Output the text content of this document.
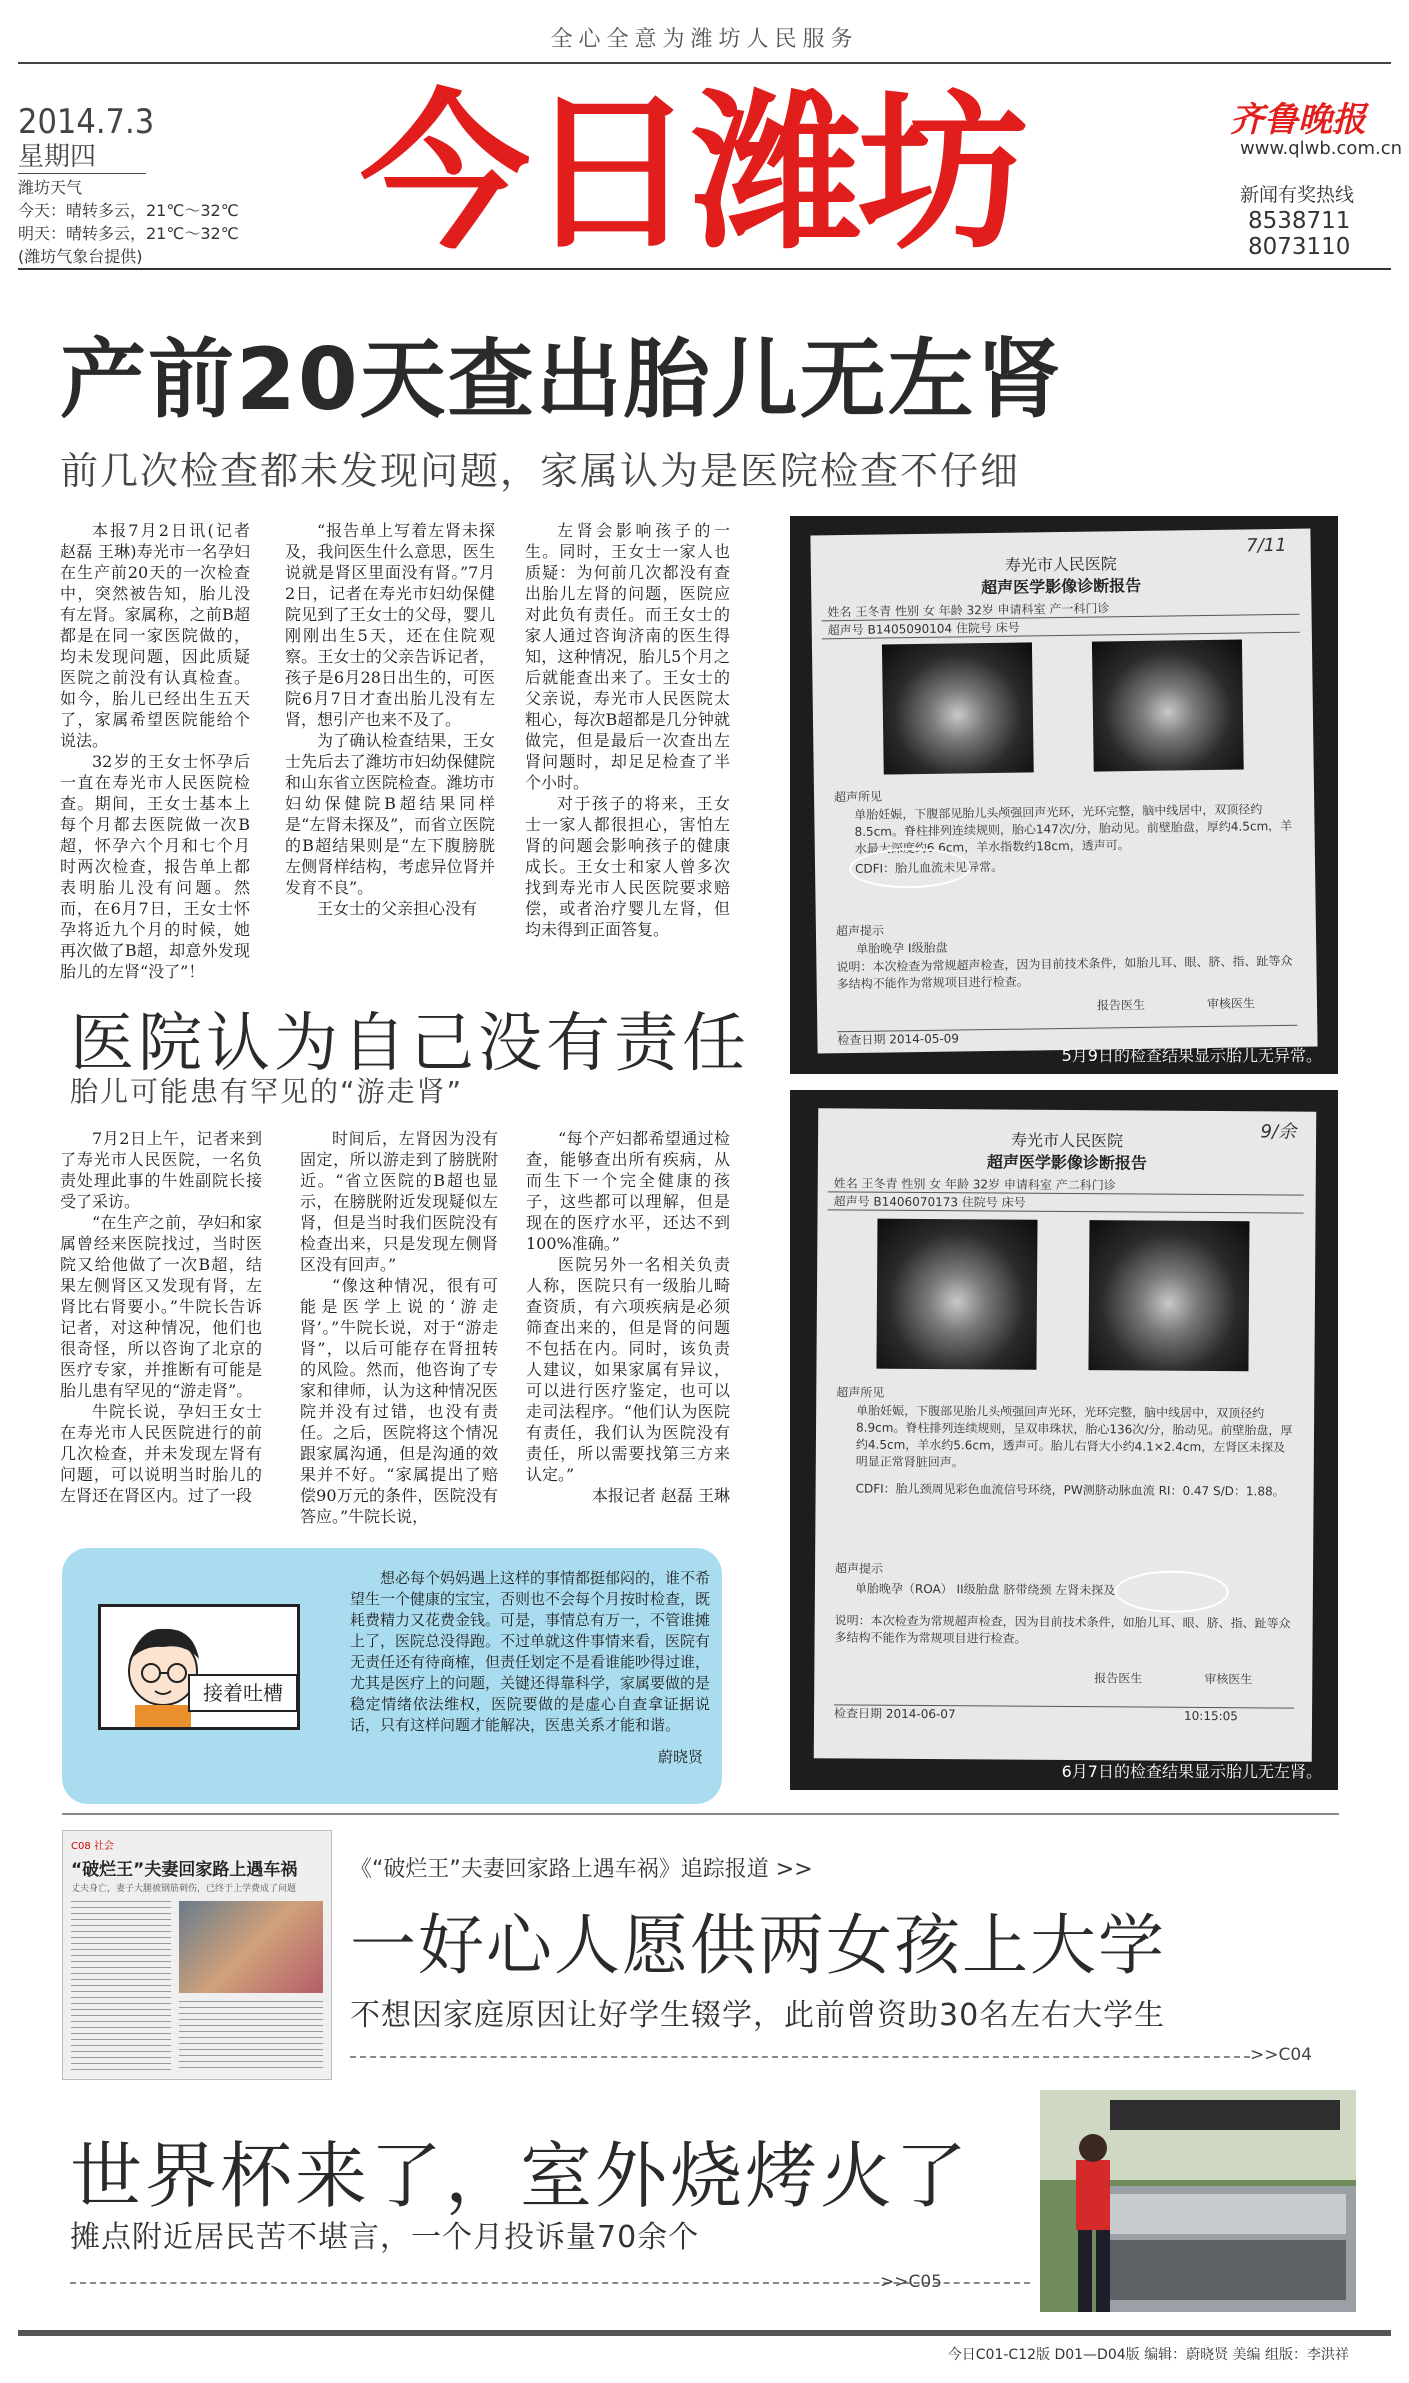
全心全意为潍坊人民服务
2014.7.3
星期四
潍坊天气
今天：晴转多云，21℃～32℃
明天：晴转多云，21℃～32℃
(潍坊气象台提供)	今日潍坊	齐鲁晚报
www.qlwb.com.cn
新闻有奖热线
8538711
8073110
产前20天查出胎儿无左肾
前几次检查都未发现问题，家属认为是医院检查不仔细

本报7月2日讯(记者 赵磊 王琳)寿光市一名孕妇在生产前20天的一次检查中，突然被告知，胎儿没有左肾。家属称，之前B超都是在同一家医院做的，均未发现问题，因此质疑医院之前没有认真检查。如今，胎儿已经出生五天了，家属希望医院能给个说法。

32岁的王女士怀孕后一直在寿光市人民医院检查。期间，王女士基本上每个月都去医院做一次B超，怀孕六个月和七个月时两次检查，报告单上都表明胎儿没有问题。然而，在6月7日，王女士怀孕将近九个月的时候，她再次做了B超，却意外发现胎儿的左肾“没了”！

“报告单上写着左肾未探及，我问医生什么意思，医生说就是肾区里面没有肾。”7月2日，记者在寿光市妇幼保健院见到了王女士的父母，婴儿刚刚出生5天，还在住院观察。王女士的父亲告诉记者，孩子是6月28日出生的，可医院6月7日才查出胎儿没有左肾，想引产也来不及了。

为了确认检查结果，王女士先后去了潍坊市妇幼保健院和山东省立医院检查。潍坊市妇幼保健院B超结果同样是“左肾未探及”，而省立医院的B超结果则是“左下腹膀胱左侧肾样结构，考虑异位肾并发育不良”。

王女士的父亲担心没有

左肾会影响孩子的一生。同时，王女士一家人也质疑：为何前几次都没有查出胎儿左肾的问题，医院应对此负有责任。而王女士的家人通过咨询济南的医生得知，这种情况，胎儿5个月之后就能查出来了。王女士的父亲说，寿光市人民医院太粗心，每次B超都是几分钟就做完，但是最后一次查出左肾问题时，却足足检查了半个小时。

对于孩子的将来，王女士一家人都很担心，害怕左肾的问题会影响孩子的健康成长。王女士和家人曾多次找到寿光市人民医院要求赔偿，或者治疗婴儿左肾，但均未得到正面答复。

7/11
寿光市人民医院
超声医学影像诊断报告
姓名 王冬青 性别 女 年龄 32岁 申请科室 产一科门诊
超声号 B1405090104 住院号 床号
超声所见
单胎妊娠，下腹部见胎儿头颅强回声光环，光环完整，脑中线居中，双顶径约8.5cm。脊柱排列连续规则，胎心147次/分，胎动见。前壁胎盘，厚约4.5cm，羊水最大深度约6.6cm，羊水指数约18cm，透声可。
CDFI：胎儿血流未见异常。
超声提示
单胎晚孕 I级胎盘
说明：本次检查为常规超声检查，因为目前技术条件，如胎儿耳、眼、脐、指、趾等众多结构不能作为常规项目进行检查。
报告医生	审核医生
检查日期 2014-05-09
5月9日的检查结果显示胎儿无异常。
医院认为自己没有责任
胎儿可能患有罕见的“游走肾”

7月2日上午，记者来到了寿光市人民医院，一名负责处理此事的牛姓副院长接受了采访。

“在生产之前，孕妇和家属曾经来医院找过，当时医院又给他做了一次B超，结果左侧肾区又发现有肾，左肾比右肾要小。”牛院长告诉记者，对这种情况，他们也很奇怪，所以咨询了北京的医疗专家，并推断有可能是胎儿患有罕见的“游走肾”。

牛院长说，孕妇王女士在寿光市人民医院进行的前几次检查，并未发现左肾有问题，可以说明当时胎儿的左肾还在肾区内。过了一段

时间后，左肾因为没有固定，所以游走到了膀胱附近。“省立医院的B超也显示，在膀胱附近发现疑似左肾，但是当时我们医院没有检查出来，只是发现左侧肾区没有回声。”

“像这种情况，很有可能是医学上说的‘游走肾’。”牛院长说，对于“游走肾”，以后可能存在肾扭转的风险。然而，他咨询了专家和律师，认为这种情况医院并没有过错，也没有责任。之后，医院将这个情况跟家属沟通，但是沟通的效果并不好。“家属提出了赔偿90万元的条件，医院没有答应。”牛院长说，

“每个产妇都希望通过检查，能够查出所有疾病，从而生下一个完全健康的孩子，这些都可以理解，但是现在的医疗水平，还达不到100%准确。”

医院另外一名相关负责人称，医院只有一级胎儿畸查资质，有六项疾病是必须筛查出来的，但是肾的问题不包括在内。同时，该负责人建议，如果家属有异议，可以进行医疗鉴定，也可以走司法程序。“他们认为医院有责任，我们认为医院没有责任，所以需要找第三方来认定。”

本报记者 赵磊 王琳

9/余
寿光市人民医院
超声医学影像诊断报告
姓名 王冬青 性别 女 年龄 32岁 申请科室 产二科门诊
超声号 B1406070173 住院号 床号
超声所见
单胎妊娠，下腹部见胎儿头颅强回声光环，光环完整，脑中线居中，双顶径约8.9cm。脊柱排列连续规则，呈双串珠状，胎心136次/分，胎动见。前壁胎盘，厚约4.5cm，羊水约5.6cm，透声可。胎儿右肾大小约4.1×2.4cm，左肾区未探及明显正常肾脏回声。
CDFI：胎儿颈周见彩色血流信号环绕，PW测脐动脉血流 RI：0.47 S/D：1.88。
超声提示
单胎晚孕（ROA） II级胎盘 脐带绕颈 左肾未探及
说明：本次检查为常规超声检查，因为目前技术条件，如胎儿耳、眼、脐、指、趾等众多结构不能作为常规项目进行检查。
报告医生	审核医生
检查日期 2014-06-07	10:15:05
6月7日的检查结果显示胎儿无左肾。
接着吐槽
想必每个妈妈遇上这样的事情都挺郁闷的，谁不希望生一个健康的宝宝，否则也不会每个月按时检查，既耗费精力又花费金钱。可是，事情总有万一，不管谁摊上了，医院总没得跑。不过单就这件事情来看，医院有无责任还有待商榷，但责任划定不是看谁能吵得过谁，尤其是医疗上的问题，关键还得靠科学，家属要做的是稳定情绪依法维权，医院要做的是虚心自查拿证据说话，只有这样问题才能解决，医患关系才能和谐。
蔚晓贤
C08 社会
“破烂王”夫妻回家路上遇车祸
丈夫身亡，妻子大腿被钢筋刺伤，已终于上学费成了问题
《“破烂王”夫妻回家路上遇车祸》追踪报道 >>
一好心人愿供两女孩上大学
不想因家庭原因让好学生辍学，此前曾资助30名左右大学生
>>C04
世界杯来了，室外烧烤火了
摊点附近居民苦不堪言，一个月投诉量70余个
>>C05
今日C01-C12版 D01—D04版 编辑：蔚晓贤 美编 组版：李洪祥
